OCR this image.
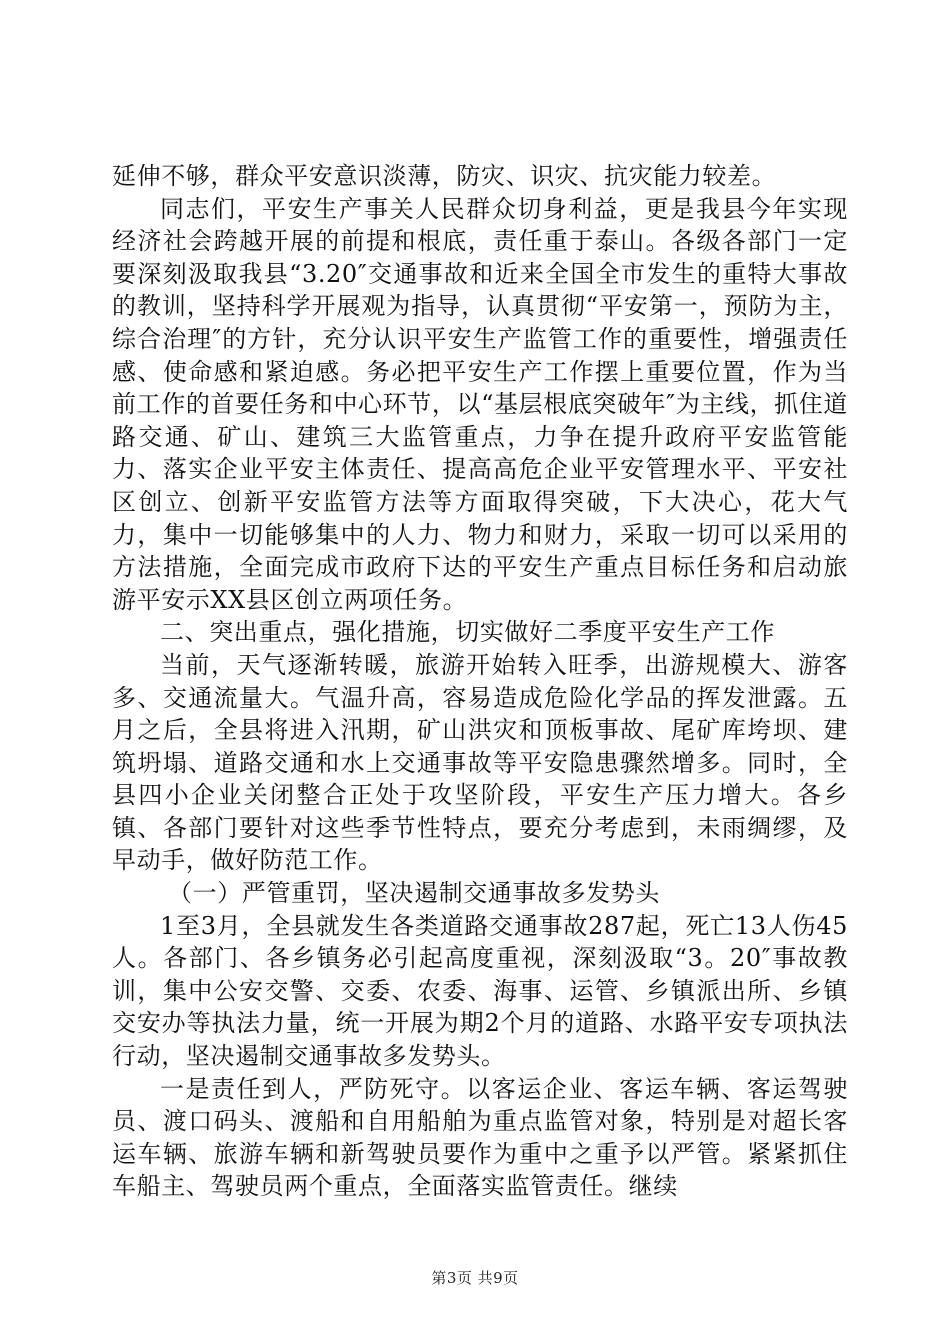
延伸不够，群众平安意识淡薄，防灾、识灾、抗灾能力较差。

同志们，平安生产事关人民群众切身利益，更是我县今年实现经济社会跨越开展的前提和根底，责任重于泰山。各级各部门一定要深刻汲取我县“3.20″交通事故和近来全国全市发生的重特大事故的教训，坚持科学开展观为指导，认真贯彻“平安第一，预防为主，综合治理″的方针，充分认识平安生产监管工作的重要性，增强责任感、使命感和紧迫感。务必把平安生产工作摆上重要位置，作为当前工作的首要任务和中心环节，以“基层根底突破年″为主线，抓住道路交通、矿山、建筑三大监管重点，力争在提升政府平安监管能力、落实企业平安主体责任、提高高危企业平安管理水平、平安社区创立、创新平安监管方法等方面取得突破，下大决心，花大气力，集中一切能够集中的人力、物力和财力，采取一切可以采用的方法措施，全面完成市政府下达的平安生产重点目标任务和启动旅游平安示XX县区创立两项任务。

二、突出重点，强化措施，切实做好二季度平安生产工作

当前，天气逐渐转暖，旅游开始转入旺季，出游规模大、游客多、交通流量大。气温升高，容易造成危险化学品的挥发泄露。五月之后，全县将进入汛期，矿山洪灾和顶板事故、尾矿库垮坝、建筑坍塌、道路交通和水上交通事故等平安隐患骤然增多。同时，全县四小企业关闭整合正处于攻坚阶段，平安生产压力增大。各乡镇、各部门要针对这些季节性特点，要充分考虑到，未雨绸缪，及早动手，做好防范工作。

（一）严管重罚，坚决遏制交通事故多发势头

1至3月，全县就发生各类道路交通事故287起，死亡13人伤45人。各部门、各乡镇务必引起高度重视，深刻汲取“3。20″事故教训，集中公安交警、交委、农委、海事、运管、乡镇派出所、乡镇交安办等执法力量，统一开展为期2个月的道路、水路平安专项执法行动，坚决遏制交通事故多发势头。

一是责任到人，严防死守。以客运企业、客运车辆、客运驾驶员、渡口码头、渡船和自用船舶为重点监管对象，特别是对超长客运车辆、旅游车辆和新驾驶员要作为重中之重予以严管。紧紧抓住车船主、驾驶员两个重点，全面落实监管责任。继续

第3页 共9页
